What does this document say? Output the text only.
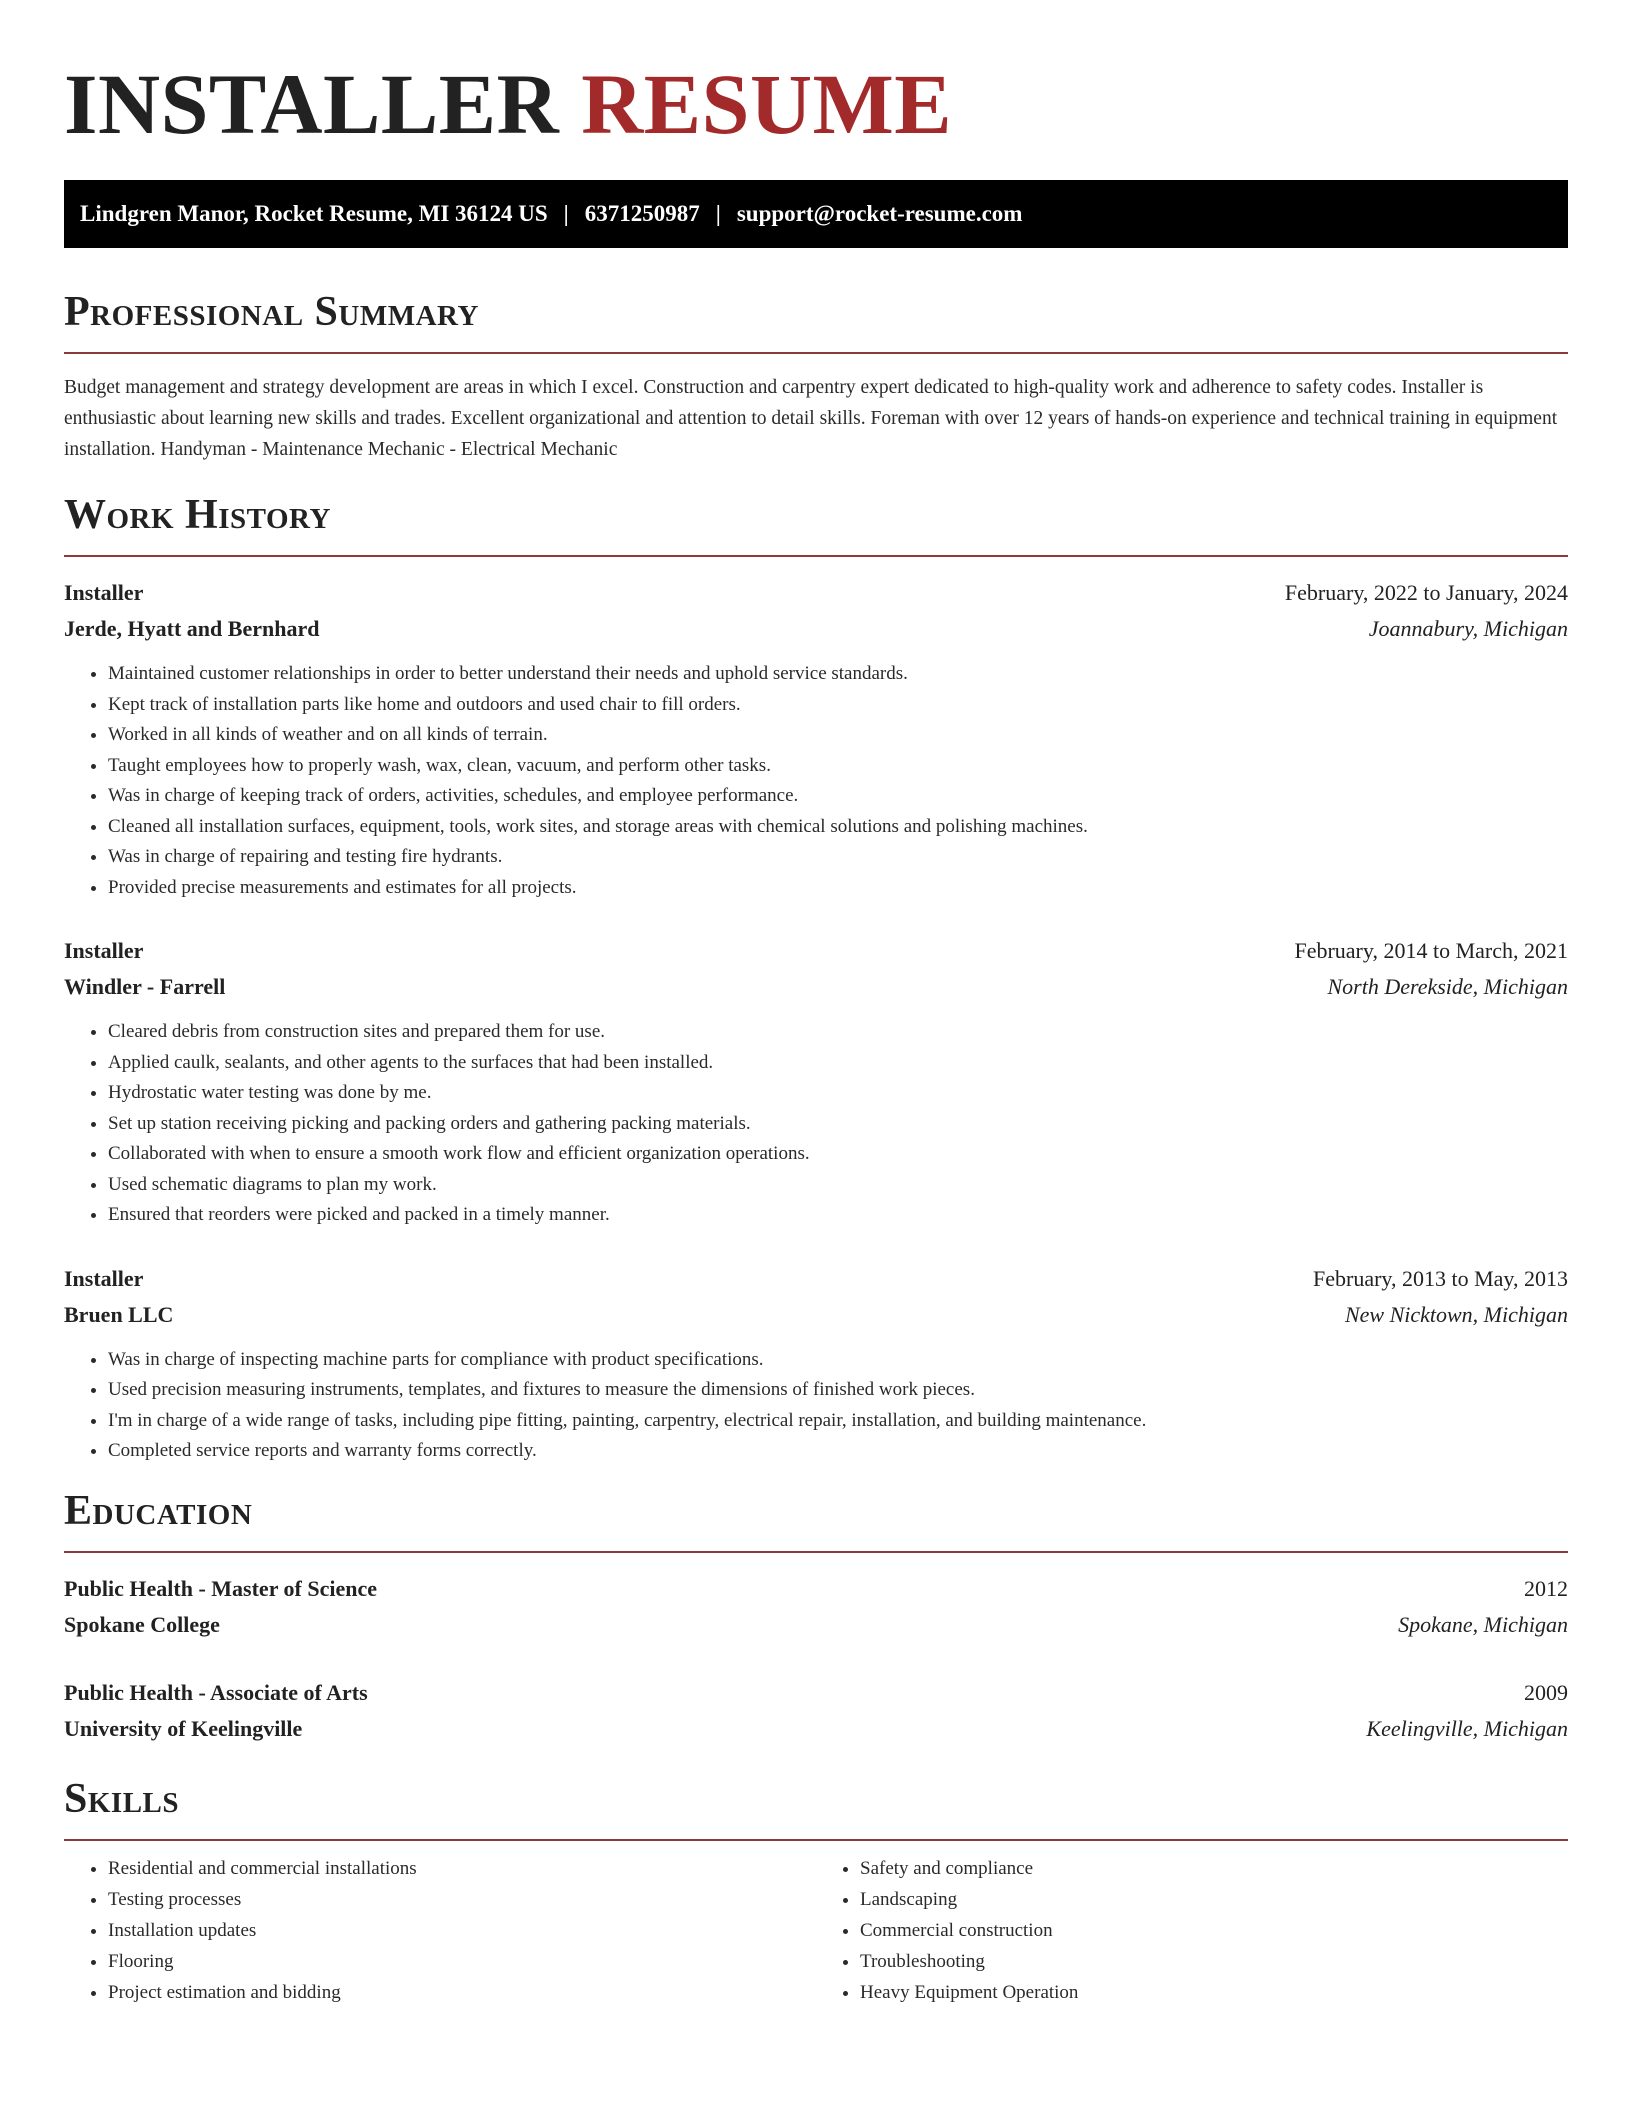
INSTALLER RESUME
Lindgren Manor, Rocket Resume, MI 36124 US | 6371250987 | support@rocket-resume.com
Professional Summary

Budget management and strategy development are areas in which I excel. Construction and carpentry expert dedicated to high-quality work and adherence to safety codes. Installer is enthusiastic about learning new skills and trades. Excellent organizational and attention to detail skills. Foreman with over 12 years of hands-on experience and technical training in equipment installation. Handyman - Maintenance Mechanic - Electrical Mechanic

Work History
Installer	February, 2022 to January, 2024
Jerde, Hyatt and Bernhard	Joannabury, Michigan
• Maintained customer relationships in order to better understand their needs and uphold service standards.
• Kept track of installation parts like home and outdoors and used chair to fill orders.
• Worked in all kinds of weather and on all kinds of terrain.
• Taught employees how to properly wash, wax, clean, vacuum, and perform other tasks.
• Was in charge of keeping track of orders, activities, schedules, and employee performance.
• Cleaned all installation surfaces, equipment, tools, work sites, and storage areas with chemical solutions and polishing machines.
• Was in charge of repairing and testing fire hydrants.
• Provided precise measurements and estimates for all projects.
Installer	February, 2014 to March, 2021
Windler - Farrell	North Derekside, Michigan
• Cleared debris from construction sites and prepared them for use.
• Applied caulk, sealants, and other agents to the surfaces that had been installed.
• Hydrostatic water testing was done by me.
• Set up station receiving picking and packing orders and gathering packing materials.
• Collaborated with when to ensure a smooth work flow and efficient organization operations.
• Used schematic diagrams to plan my work.
• Ensured that reorders were picked and packed in a timely manner.
Installer	February, 2013 to May, 2013
Bruen LLC	New Nicktown, Michigan
• Was in charge of inspecting machine parts for compliance with product specifications.
• Used precision measuring instruments, templates, and fixtures to measure the dimensions of finished work pieces.
• I'm in charge of a wide range of tasks, including pipe fitting, painting, carpentry, electrical repair, installation, and building maintenance.
• Completed service reports and warranty forms correctly.
Education
Public Health - Master of Science	2012
Spokane College	Spokane, Michigan
Public Health - Associate of Arts	2009
University of Keelingville	Keelingville, Michigan
Skills
• Residential and commercial installations
• Testing processes
• Installation updates
• Flooring
• Project estimation and bidding
• Safety and compliance
• Landscaping
• Commercial construction
• Troubleshooting
• Heavy Equipment Operation
